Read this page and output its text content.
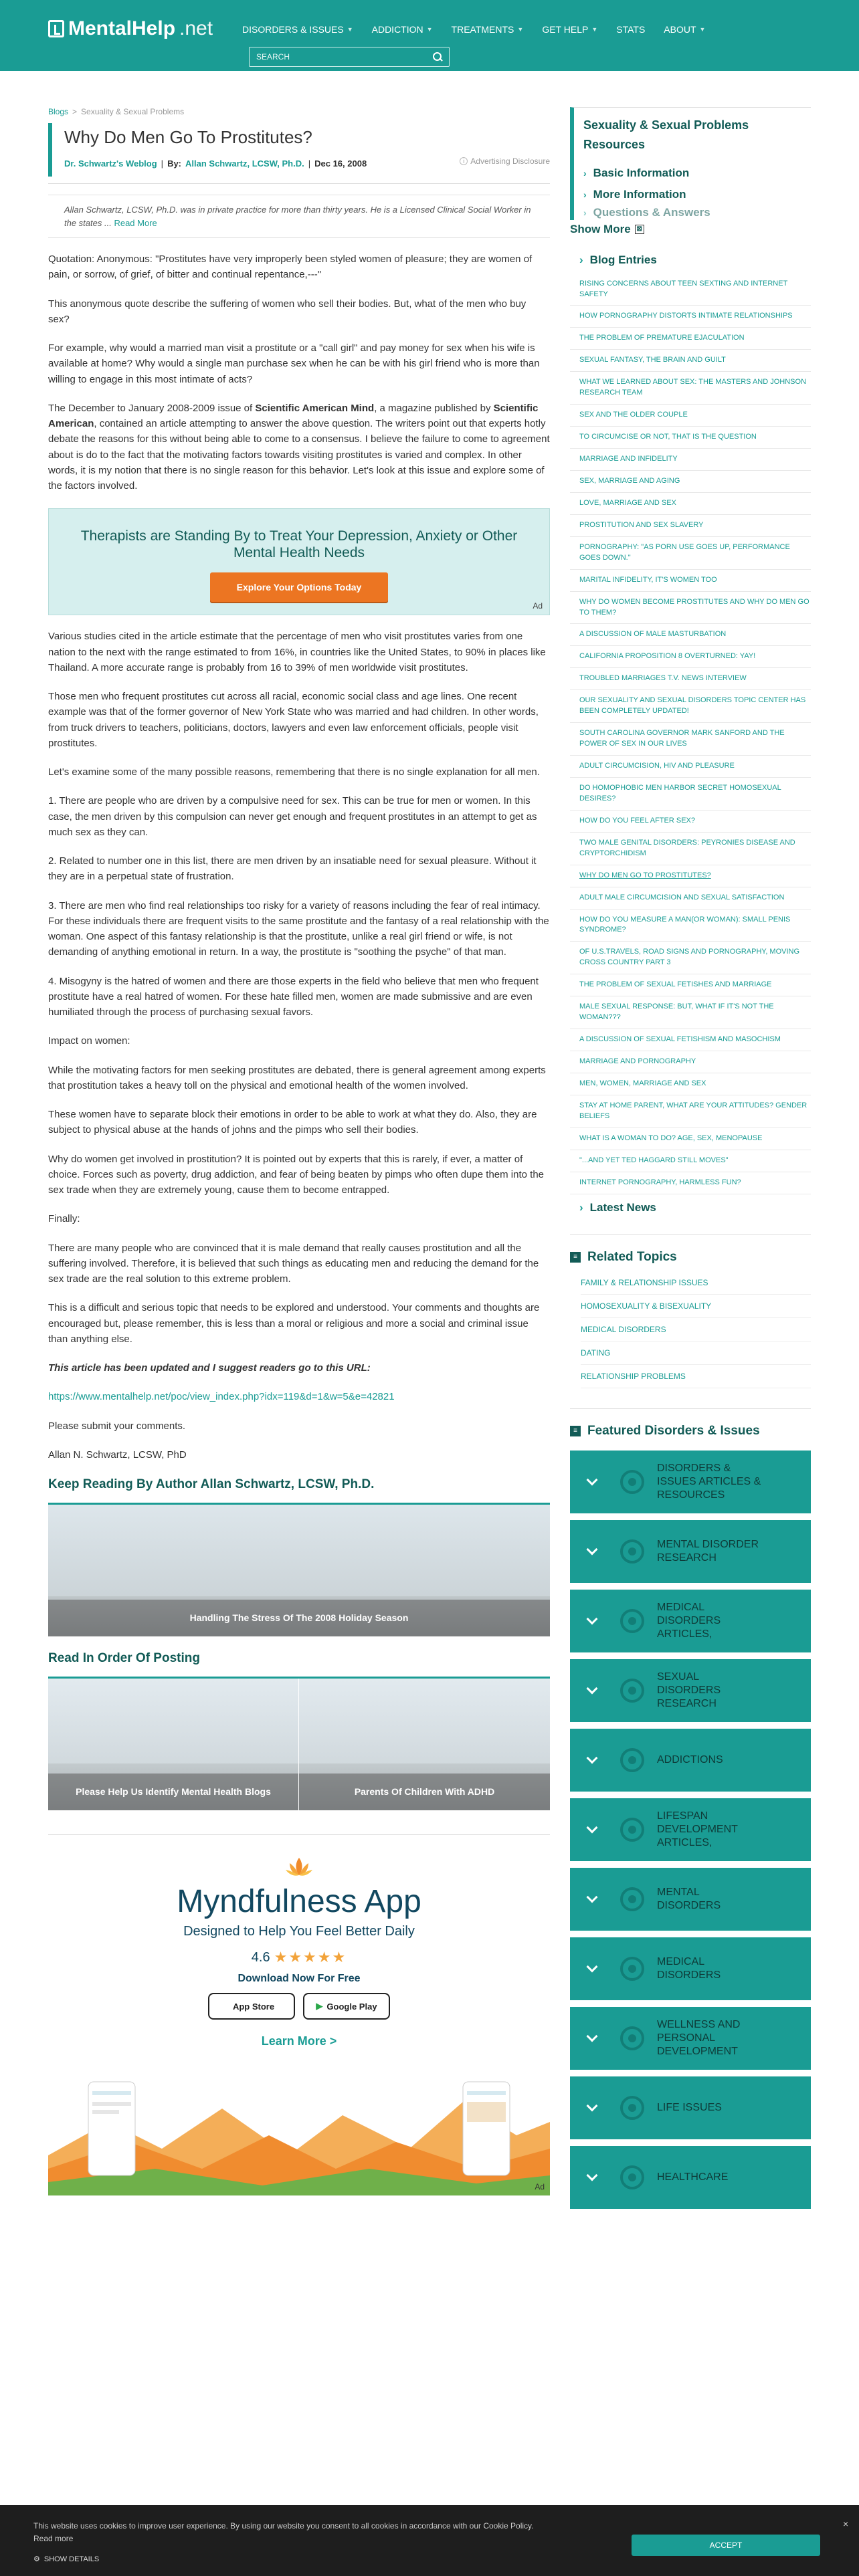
MentalHelp .net	DISORDERS & ISSUES ▼ ADDICTION ▼ TREATMENTS ▼ GET HELP ▼ STATS ABOUT ▼
SEARCH
Blogs > Sexuality & Sexual Problems
Why Do Men Go To Prostitutes?
Dr. Schwartz's Weblog | By: Allan Schwartz, LCSW, Ph.D. | Dec 16, 2008	i Advertising Disclosure
Allan Schwartz, LCSW, Ph.D. was in private practice for more than thirty years. He is a Licensed Clinical Social Worker in the states ... Read More

Quotation: Anonymous: "Prostitutes have very improperly been styled women of pleasure; they are women of pain, or sorrow, of grief, of bitter and continual repentance,---"

This anonymous quote describe the suffering of women who sell their bodies. But, what of the men who buy sex?

For example, why would a married man visit a prostitute or a "call girl" and pay money for sex when his wife is available at home? Why would a single man purchase sex when he can be with his girl friend who is more than willing to engage in this most intimate of acts?

The December to January 2008-2009 issue of Scientific American Mind, a magazine published by Scientific American, contained an article attempting to answer the above question. The writers point out that experts hotly debate the reasons for this without being able to come to a consensus. I believe the failure to come to agreement about is do to the fact that the motivating factors towards visiting prostitutes is varied and complex. In other words, it is my notion that there is no single reason for this behavior. Let's look at this issue and explore some of the factors involved.

Therapists are Standing By to Treat Your Depression, Anxiety or Other Mental Health Needs
Explore Your Options Today
Ad

Various studies cited in the article estimate that the percentage of men who visit prostitutes varies from one nation to the next with the range estimated to from 16%, in countries like the United States, to 90% in places like Thailand. A more accurate range is probably from 16 to 39% of men worldwide visit prostitutes.

Those men who frequent prostitutes cut across all racial, economic social class and age lines. One recent example was that of the former governor of New York State who was married and had children. In other words, from truck drivers to teachers, politicians, doctors, lawyers and even law enforcement officials, people visit prostitutes.

Let's examine some of the many possible reasons, remembering that there is no single explanation for all men.

1. There are people who are driven by a compulsive need for sex. This can be true for men or women. In this case, the men driven by this compulsion can never get enough and frequent prostitutes in an attempt to get as much sex as they can.

2. Related to number one in this list, there are men driven by an insatiable need for sexual pleasure. Without it they are in a perpetual state of frustration.

3. There are men who find real relationships too risky for a variety of reasons including the fear of real intimacy. For these individuals there are frequent visits to the same prostitute and the fantasy of a real relationship with the woman. One aspect of this fantasy relationship is that the prostitute, unlike a real girl friend or wife, is not demanding of anything emotional in return. In a way, the prostitute is "soothing the psyche" of that man.

4. Misogyny is the hatred of women and there are those experts in the field who believe that men who frequent prostitute have a real hatred of women. For these hate filled men, women are made submissive and are even humiliated through the process of purchasing sexual favors.

Impact on women:

While the motivating factors for men seeking prostitutes are debated, there is general agreement among experts that prostitution takes a heavy toll on the physical and emotional health of the women involved.

These women have to separate block their emotions in order to be able to work at what they do. Also, they are subject to physical abuse at the hands of johns and the pimps who sell their bodies.

Why do women get involved in prostitution? It is pointed out by experts that this is rarely, if ever, a matter of choice. Forces such as poverty, drug addiction, and fear of being beaten by pimps who often dupe them into the sex trade when they are extremely young, cause them to become entrapped.

Finally:

There are many people who are convinced that it is male demand that really causes prostitution and all the suffering involved. Therefore, it is believed that such things as educating men and reducing the demand for the sex trade are the real solution to this extreme problem.

This is a difficult and serious topic that needs to be explored and understood. Your comments and thoughts are encouraged but, please remember, this is less than a moral or religious and more a social and criminal issue than anything else.

This article has been updated and I suggest readers go to this URL:

https://www.mentalhelp.net/poc/view_index.php?idx=119&d=1&w=5&e=42821

Please submit your comments.

Allan N. Schwartz, LCSW, PhD

Keep Reading By Author Allan Schwartz, LCSW, Ph.D.
Handling The Stress Of The 2008 Holiday Season
Read In Order Of Posting
Please Help Us Identify Mental Health Blogs	Parents Of Children With ADHD
Myndfulness App
Designed to Help You Feel Better Daily
4.6 ★★★★★
Download Now For Free
App Store	▶ Google Play
Learn More >
Ad
Sexuality & Sexual Problems Resources
› Basic Information
› More Information
› Questions & Answers
Show More ⊠
› Blog Entries
RISING CONCERNS ABOUT TEEN SEXTING AND INTERNET SAFETY
HOW PORNOGRAPHY DISTORTS INTIMATE RELATIONSHIPS
THE PROBLEM OF PREMATURE EJACULATION
SEXUAL FANTASY, THE BRAIN AND GUILT
WHAT WE LEARNED ABOUT SEX: THE MASTERS AND JOHNSON RESEARCH TEAM
SEX AND THE OLDER COUPLE
TO CIRCUMCISE OR NOT, THAT IS THE QUESTION
MARRIAGE AND INFIDELITY
SEX, MARRIAGE AND AGING
LOVE, MARRIAGE AND SEX
PROSTITUTION AND SEX SLAVERY
PORNOGRAPHY: "AS PORN USE GOES UP, PERFORMANCE GOES DOWN."
MARITAL INFIDELITY, IT'S WOMEN TOO
WHY DO WOMEN BECOME PROSTITUTES AND WHY DO MEN GO TO THEM?
A DISCUSSION OF MALE MASTURBATION
CALIFORNIA PROPOSITION 8 OVERTURNED: YAY!
TROUBLED MARRIAGES T.V. NEWS INTERVIEW
OUR SEXUALITY AND SEXUAL DISORDERS TOPIC CENTER HAS BEEN COMPLETELY UPDATED!
SOUTH CAROLINA GOVERNOR MARK SANFORD AND THE POWER OF SEX IN OUR LIVES
ADULT CIRCUMCISION, HIV AND PLEASURE
DO HOMOPHOBIC MEN HARBOR SECRET HOMOSEXUAL DESIRES?
HOW DO YOU FEEL AFTER SEX?
TWO MALE GENITAL DISORDERS: PEYRONIES DISEASE AND CRYPTORCHIDISM
WHY DO MEN GO TO PROSTITUTES?
ADULT MALE CIRCUMCISION AND SEXUAL SATISFACTION
HOW DO YOU MEASURE A MAN(OR WOMAN): SMALL PENIS SYNDROME?
OF U.S.TRAVELS, ROAD SIGNS AND PORNOGRAPHY, MOVING CROSS COUNTRY PART 3
THE PROBLEM OF SEXUAL FETISHES AND MARRIAGE
MALE SEXUAL RESPONSE: BUT, WHAT IF IT'S NOT THE WOMAN???
A DISCUSSION OF SEXUAL FETISHISM AND MASOCHISM
MARRIAGE AND PORNOGRAPHY
MEN, WOMEN, MARRIAGE AND SEX
STAY AT HOME PARENT, WHAT ARE YOUR ATTITUDES? GENDER BELIEFS
WHAT IS A WOMAN TO DO? AGE, SEX, MENOPAUSE
"...AND YET TED HAGGARD STILL MOVES"
INTERNET PORNOGRAPHY, HARMLESS FUN?
› Latest News
≡ Related Topics
FAMILY & RELATIONSHIP ISSUES
HOMOSEXUALITY & BISEXUALITY
MEDICAL DISORDERS
DATING
RELATIONSHIP PROBLEMS
≡ Featured Disorders & Issues
DISORDERS & ISSUES ARTICLES & RESOURCES
MENTAL DISORDER RESEARCH
MEDICAL DISORDERS ARTICLES,
SEXUAL DISORDERS RESEARCH
ADDICTIONS
LIFESPAN DEVELOPMENT ARTICLES,
MENTAL DISORDERS
MEDICAL DISORDERS
WELLNESS AND PERSONAL DEVELOPMENT
LIFE ISSUES
HEALTHCARE
This website uses cookies to improve user experience. By using our website you consent to all cookies in accordance with our Cookie Policy. Read more
⚙ SHOW DETAILS
ACCEPT
×
